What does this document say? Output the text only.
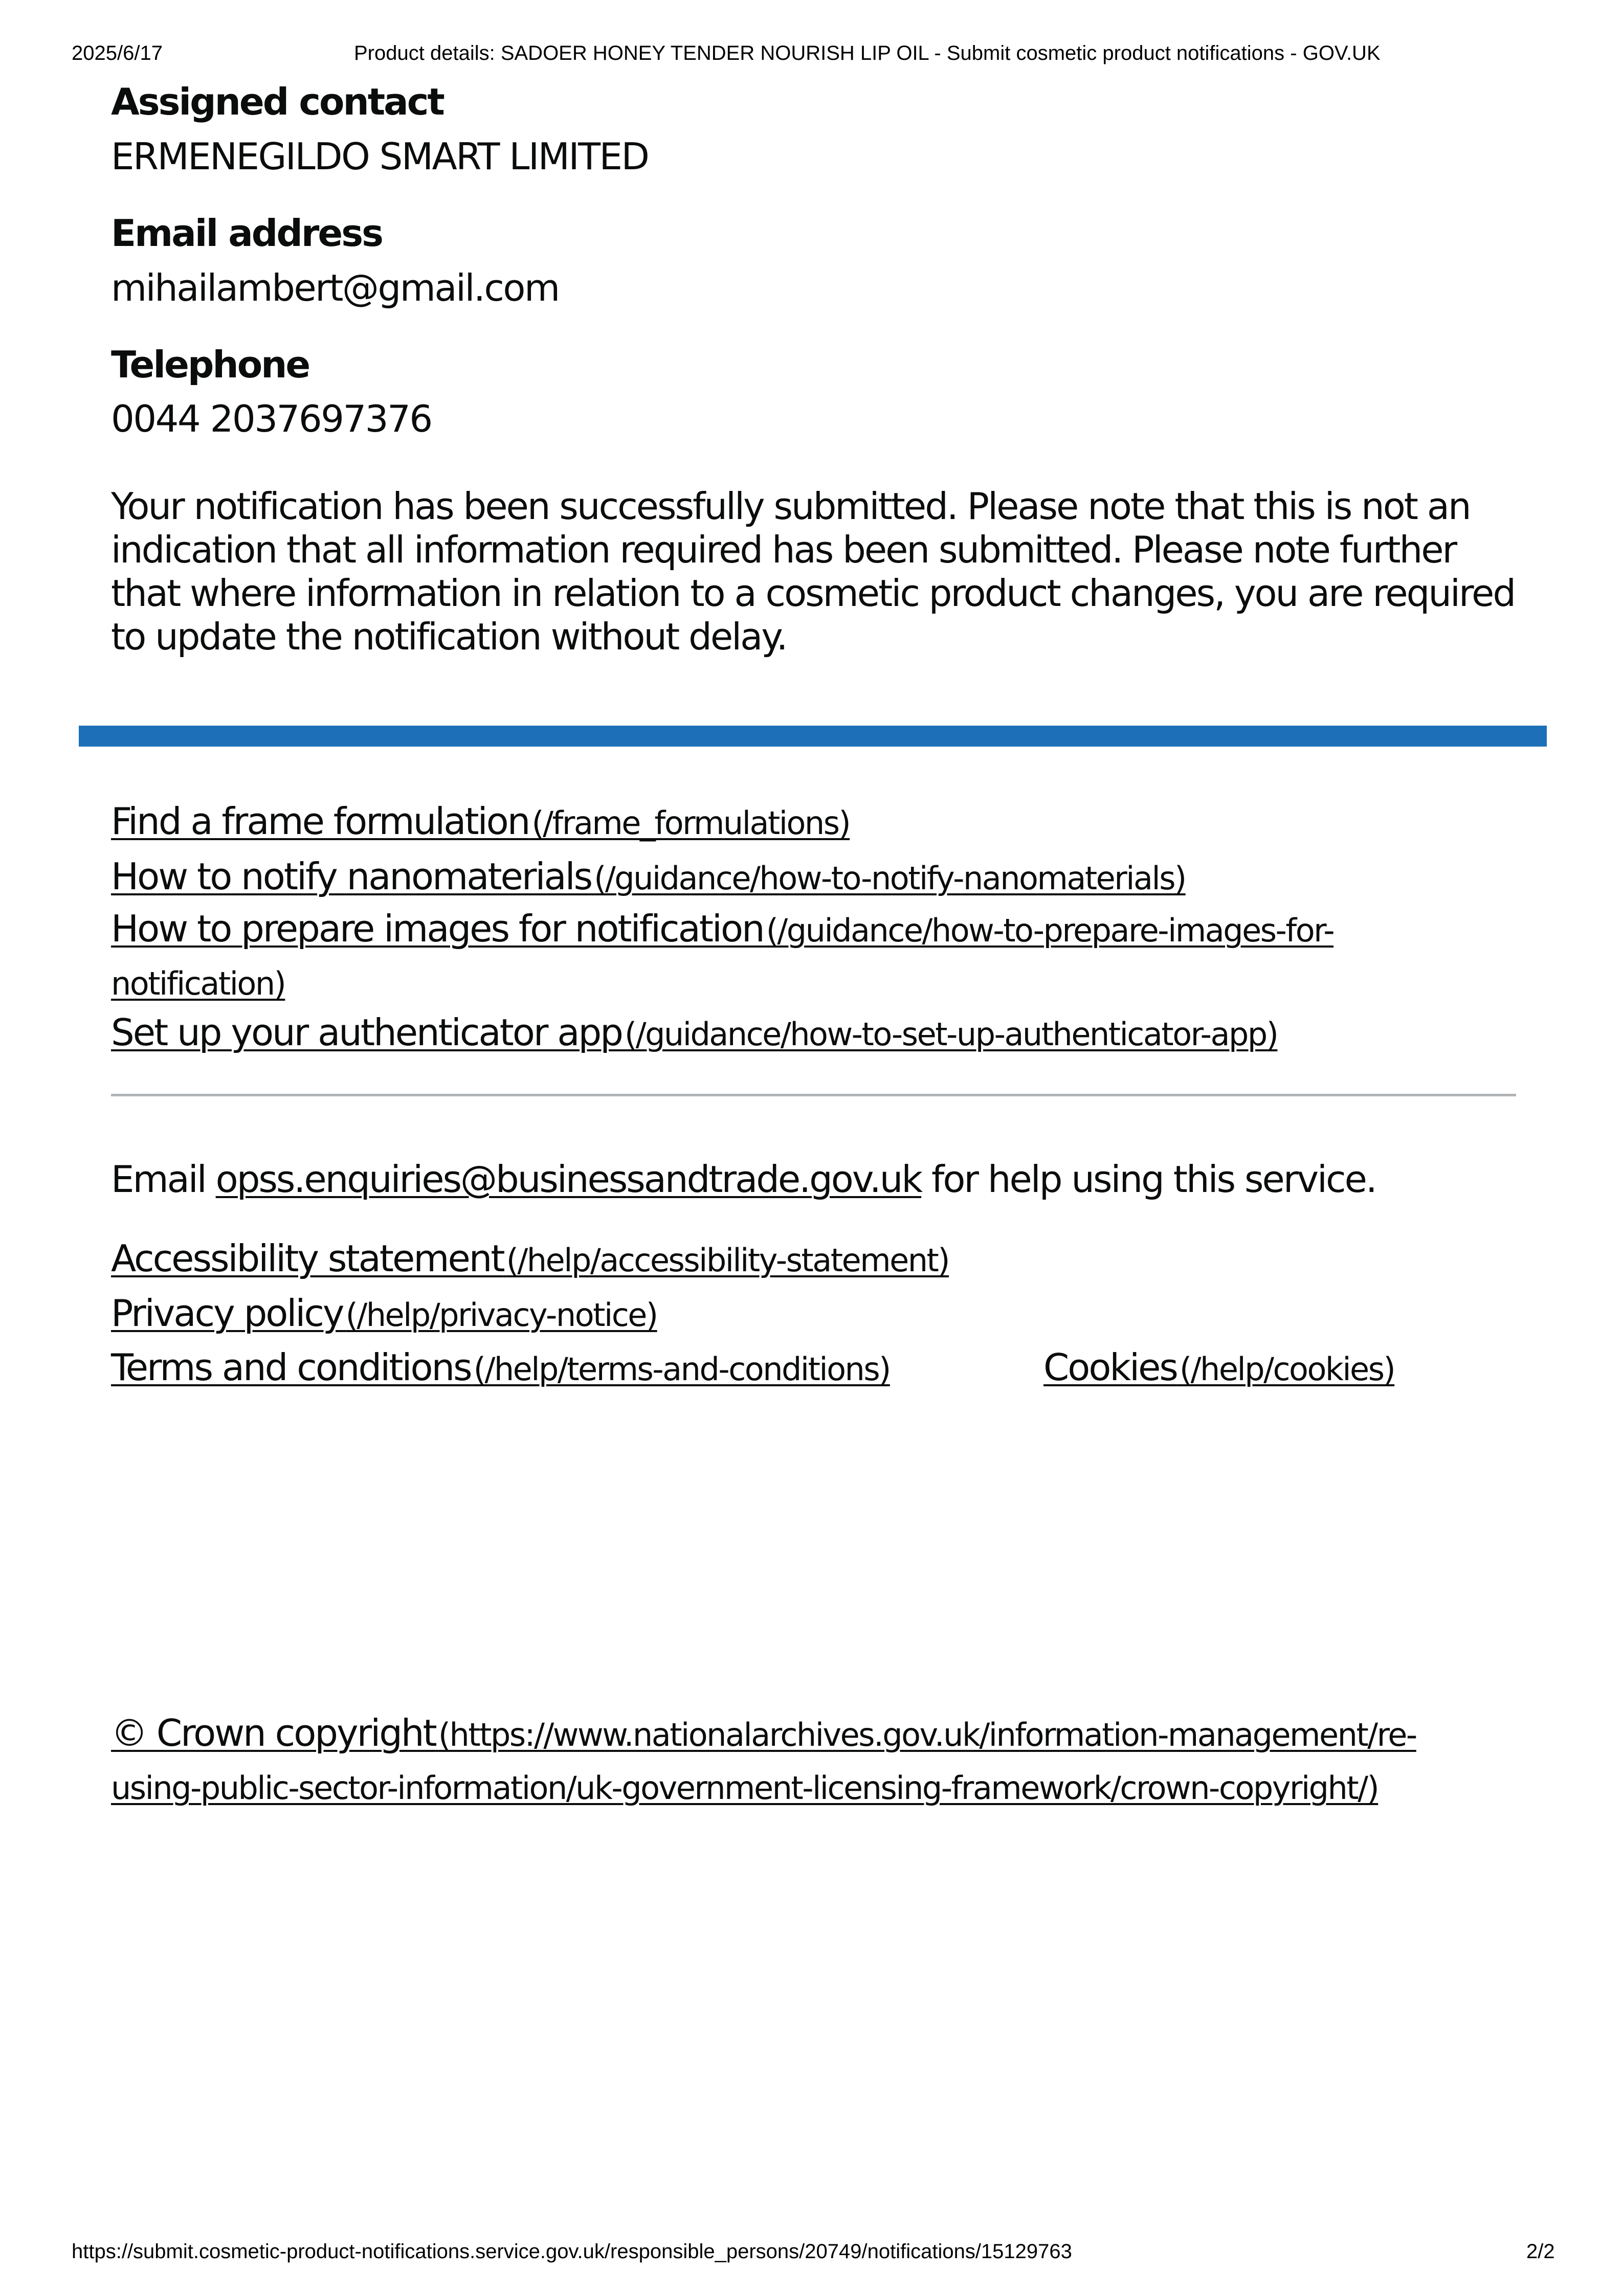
2025/6/17	Product details: SADOER HONEY TENDER NOURISH LIP OIL - Submit cosmetic product notifications - GOV.UK
Assigned contact
ERMENEGILDO SMART LIMITED
Email address
mihailambert@gmail.com
Telephone
0044 2037697376
Your notification has been successfully submitted. Please note that this is not an indication that all information required has been submitted. Please note further that where information in relation to a cosmetic product changes, you are required to update the notification without delay.
Find a frame formulation (/frame_formulations)
How to notify nanomaterials (/guidance/how-to-notify-nanomaterials)
How to prepare images for notification (/guidance/how-to-prepare-images-for-notification)
Set up your authenticator app (/guidance/how-to-set-up-authenticator-app)
Email opss.enquiries@businessandtrade.gov.uk for help using this service.
Accessibility statement (/help/accessibility-statement)
Privacy policy (/help/privacy-notice)
Terms and conditions (/help/terms-and-conditions)	Cookies (/help/cookies)
© Crown copyright (https://www.nationalarchives.gov.uk/information-management/re-using-public-sector-information/uk-government-licensing-framework/crown-copyright/)
https://submit.cosmetic-product-notifications.service.gov.uk/responsible_persons/20749/notifications/15129763	2/2
